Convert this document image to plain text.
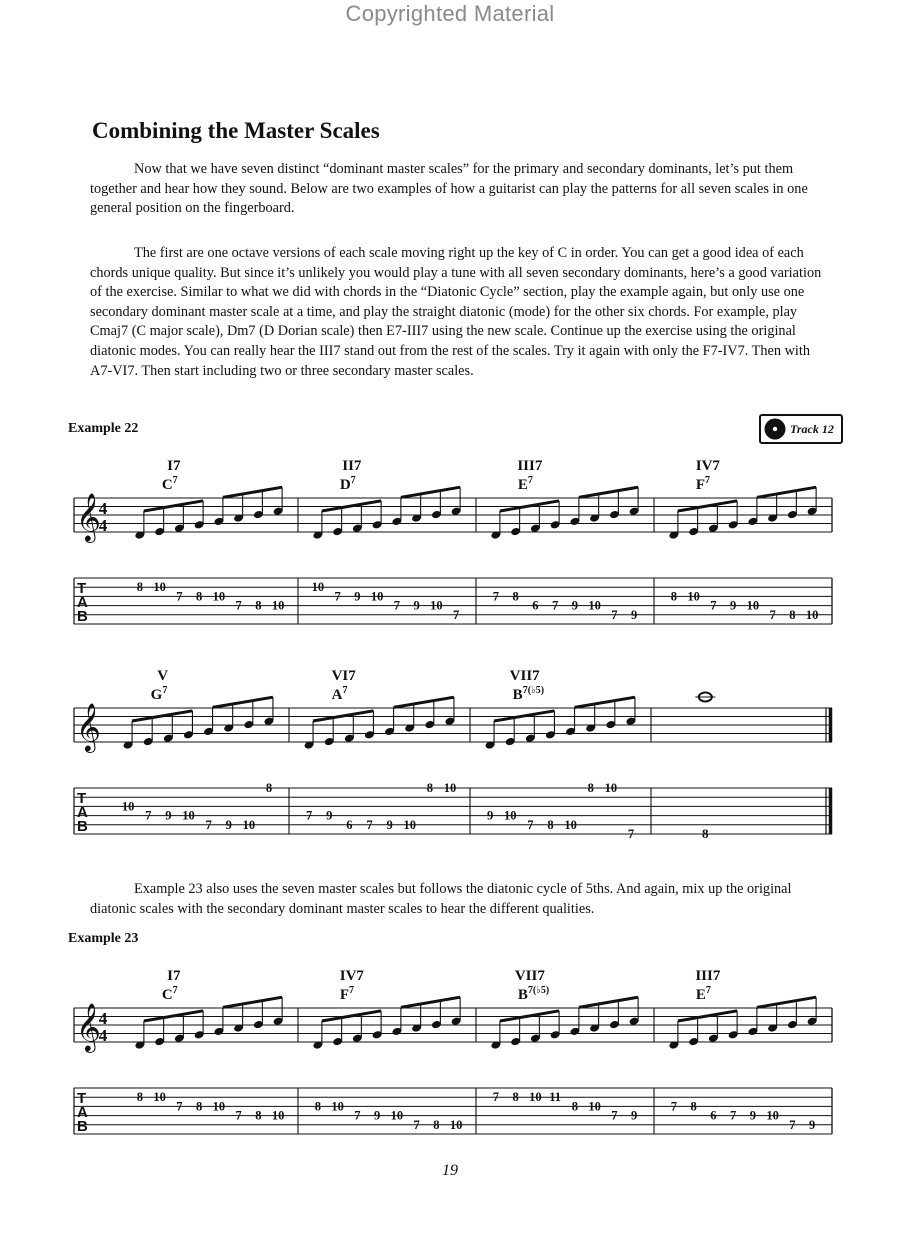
Copyrighted Material
Combining the Master Scales

Now that we have seven distinct “dominant master scales” for the primary and secondary dominants, let’s put them together and hear how they sound. Below are two examples of how a guitarist can play the patterns for all seven scales in one general position on the fingerboard.

The first are one octave versions of each scale moving right up the key of C in order. You can get a good idea of each chords unique quality. But since it’s unlikely you would play a tune with all seven secondary dominants, here’s a good variation of the exercise. Similar to what we did with chords in the “Diatonic Cycle” section, play the example again, but only use one secondary dominant master scale at a time, and play the straight diatonic (mode) for the other six chords. For example, play Cmaj7 (C major scale), Dm7 (D Dorian scale) then E7-III7 using the new scale. Continue up the exercise using the original diatonic modes. You can really hear the III7 stand out from the rest of the scales. Try it again with only the F7-IV7. Then with A7-VI7. Then start including two or three secondary master scales.

Example 22	Track 12
𝄞
4
4
T
A
B
I7
$C^7$
8 10
7 8 10
7 8 10
II7
$D^7$
10
7 9 10
7 9 10
7
III7
$E^7$
7 8
6 7 9 10
7 9
IV7
$F^7$
8 10
7 9 10
7 8 10
𝄞
T
A
B
V
$G^7$
10
7 9 10
7 9 10
8
VI7
$A^7$
7 9
6 7 9 10
8 10
VII7
$B^{7(♭5)}$
9 10
7 8 10
8 10
7	8

Example 23 also uses the seven master scales but follows the diatonic cycle of 5ths. And again, mix up the original diatonic scales with the secondary dominant master scales to hear the different qualities.

Example 23
𝄞
4
4
T
A
B
I7
$C^7$
8 10
7 8 10
7 8 10
IV7
$F^7$
8 10
7 9 10
7 8 10
VII7
$B^{7(♭5)}$
7 8 10 11
8 10
7 9
III7
$E^7$
7 8
6 7 9 10
7 9
19
